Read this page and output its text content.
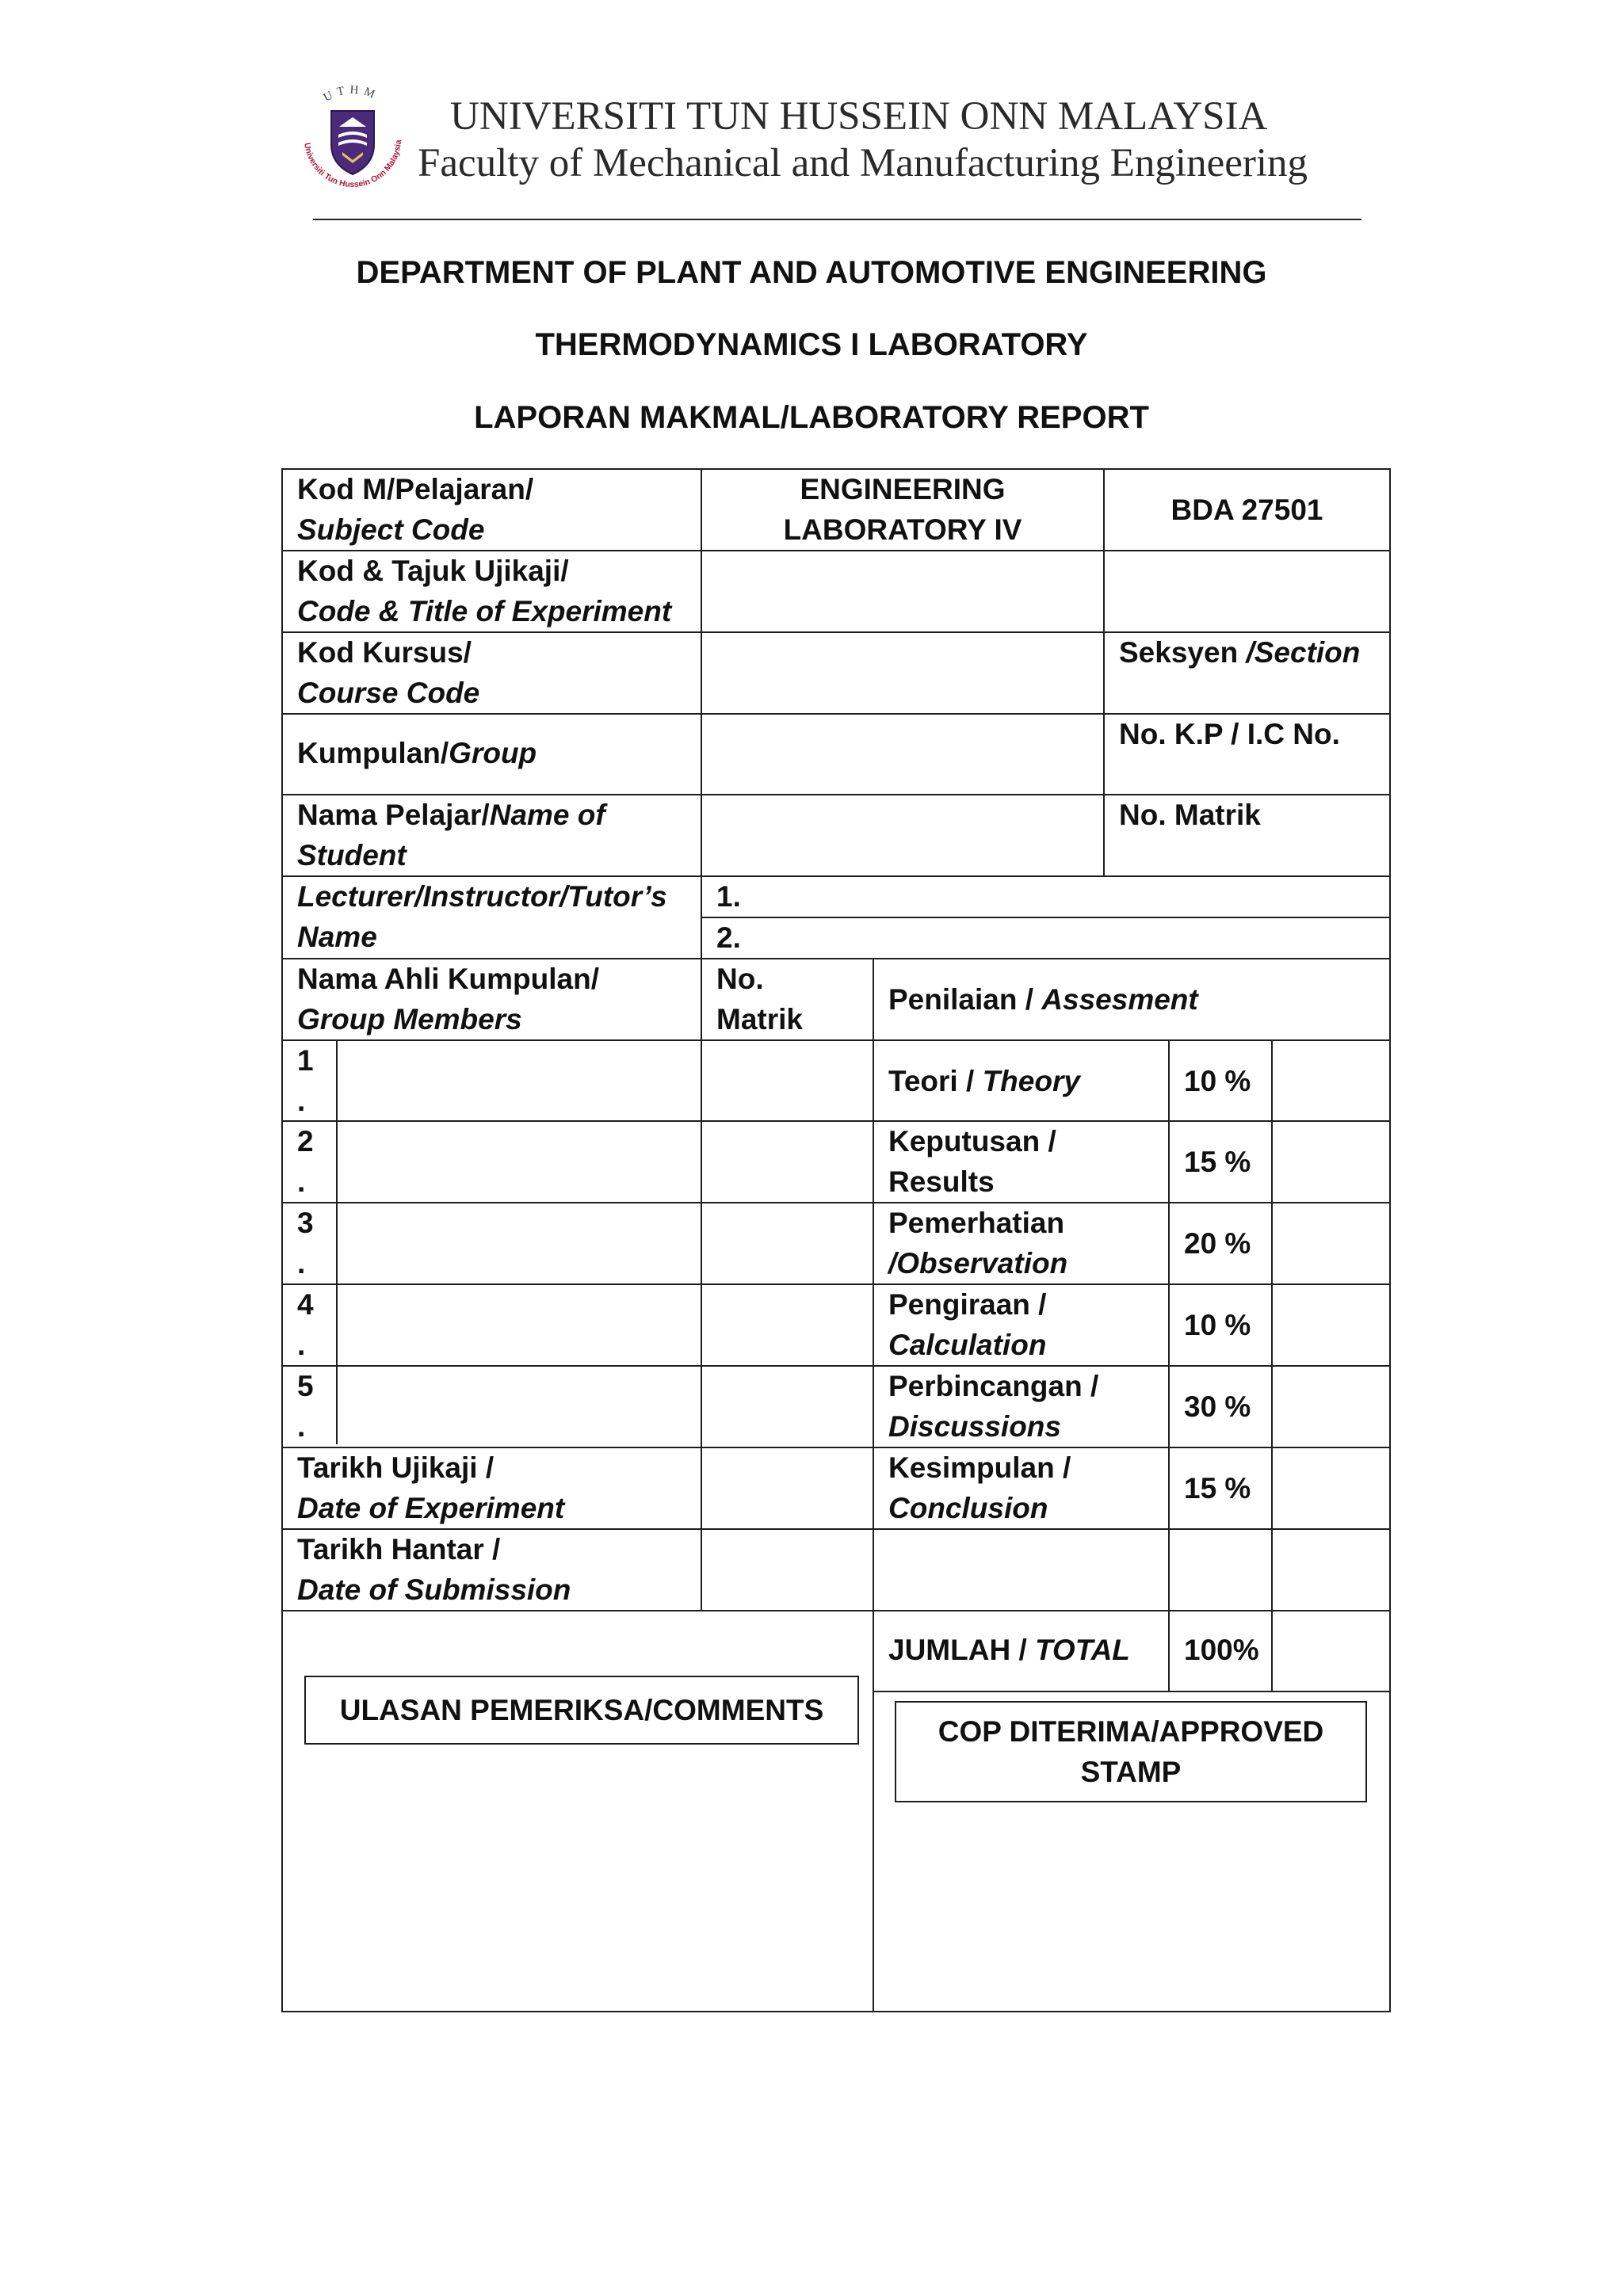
UTHM
Universiti Tun Hussein Onn Malaysia
UNIVERSITI TUN HUSSEIN ONN MALAYSIA
Faculty of Mechanical and Manufacturing Engineering
DEPARTMENT OF PLANT AND AUTOMOTIVE ENGINEERING
THERMODYNAMICS I LABORATORY
LAPORAN MAKMAL/LABORATORY REPORT
Kod M/Pelajaran/
Subject Code
ENGINEERING
LABORATORY IV
BDA 27501
Kod & Tajuk Ujikaji/
Code & Title of Experiment
Kod Kursus/
Course Code
Seksyen /Section
Kumpulan/Group
No. K.P / I.C No.
Nama Pelajar/Name of
Student
No. Matrik
Lecturer/Instructor/Tutor’s
Name
1.
2.
Nama Ahli Kumpulan/
Group Members
No.
Matrik
Penilaian / Assesment
1
.
2
.
3
.
4
.
5
.
Teori / Theory	10 %
Keputusan /
Results
15 %
Pemerhatian
/Observation
20 %
Pengiraan /
Calculation
10 %
Perbincangan /
Discussions
30 %
Kesimpulan /
Conclusion
15 %
Tarikh Ujikaji /
Date of Experiment
Tarikh Hantar /
Date of Submission
JUMLAH / TOTAL 100%
ULASAN PEMERIKSA/COMMENTS
COP DITERIMA/APPROVED
STAMP
